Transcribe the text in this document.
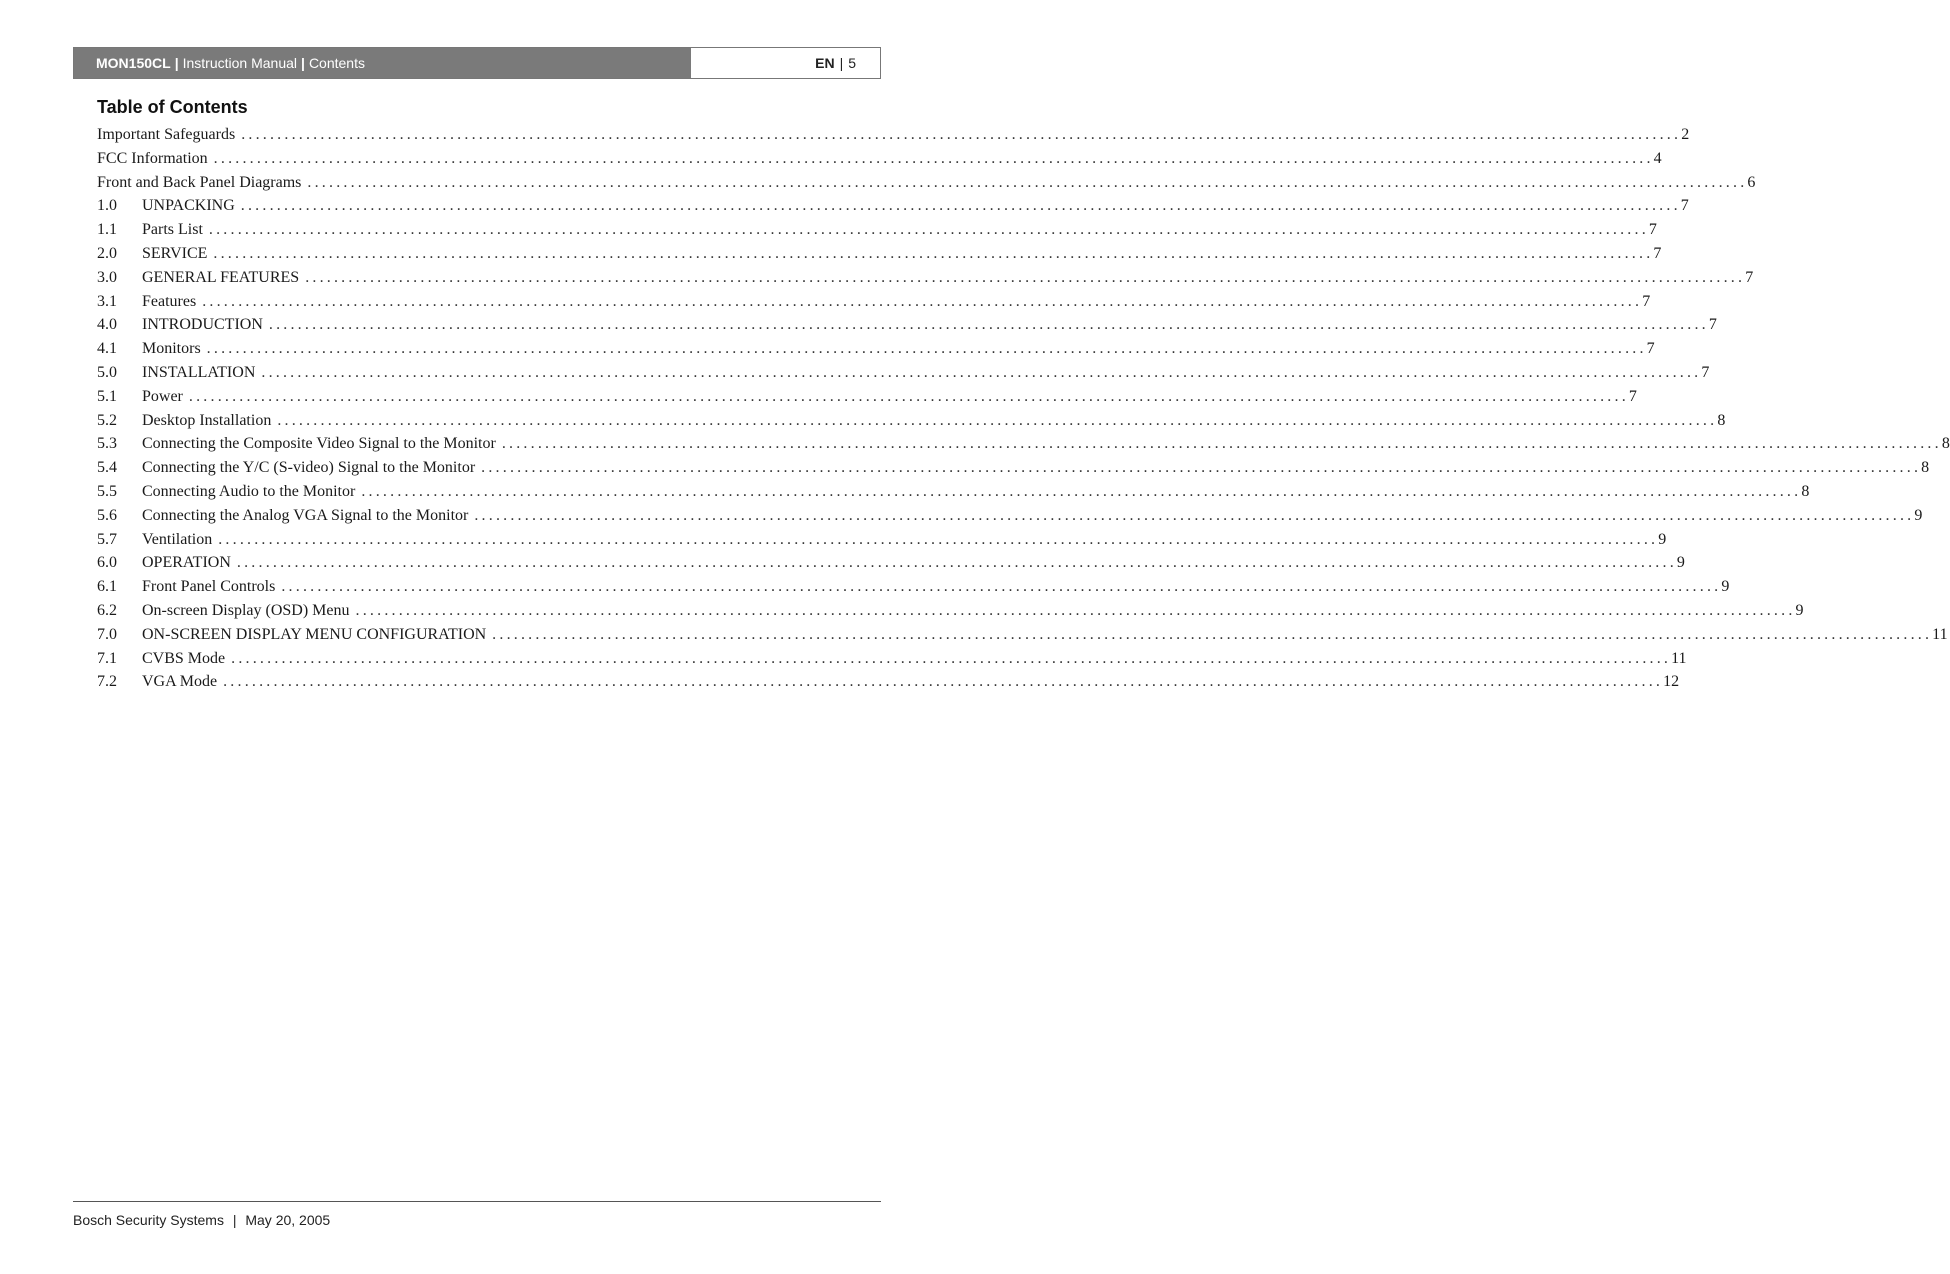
MON150CL | Instruction Manual | Contents	EN | 5
Table of Contents
Important Safeguards ........................................................................................................................................................................................................ 2
FCC Information ........................................................................................................................................................................................................ 4
Front and Back Panel Diagrams ........................................................................................................................................................................................................ 6
1.0	UNPACKING ........................................................................................................................................................................................................ 7
1.1	Parts List ........................................................................................................................................................................................................ 7
2.0	SERVICE ........................................................................................................................................................................................................ 7
3.0	GENERAL FEATURES ........................................................................................................................................................................................................ 7
3.1	Features ........................................................................................................................................................................................................ 7
4.0	INTRODUCTION ........................................................................................................................................................................................................ 7
4.1	Monitors ........................................................................................................................................................................................................ 7
5.0	INSTALLATION ........................................................................................................................................................................................................ 7
5.1	Power ........................................................................................................................................................................................................ 7
5.2	Desktop Installation ........................................................................................................................................................................................................ 8
5.3	Connecting the Composite Video Signal to the Monitor ........................................................................................................................................................................................................ 8
5.4	Connecting the Y/C (S-video) Signal to the Monitor ........................................................................................................................................................................................................ 8
5.5	Connecting Audio to the Monitor ........................................................................................................................................................................................................ 8
5.6	Connecting the Analog VGA Signal to the Monitor ........................................................................................................................................................................................................ 9
5.7	Ventilation ........................................................................................................................................................................................................ 9
6.0	OPERATION ........................................................................................................................................................................................................ 9
6.1	Front Panel Controls ........................................................................................................................................................................................................ 9
6.2	On-screen Display (OSD) Menu ........................................................................................................................................................................................................ 9
7.0	ON-SCREEN DISPLAY MENU CONFIGURATION ........................................................................................................................................................................................................ 11
7.1	CVBS Mode ........................................................................................................................................................................................................ 11
7.2	VGA Mode ........................................................................................................................................................................................................ 12
Bosch Security Systems | May 20, 2005
